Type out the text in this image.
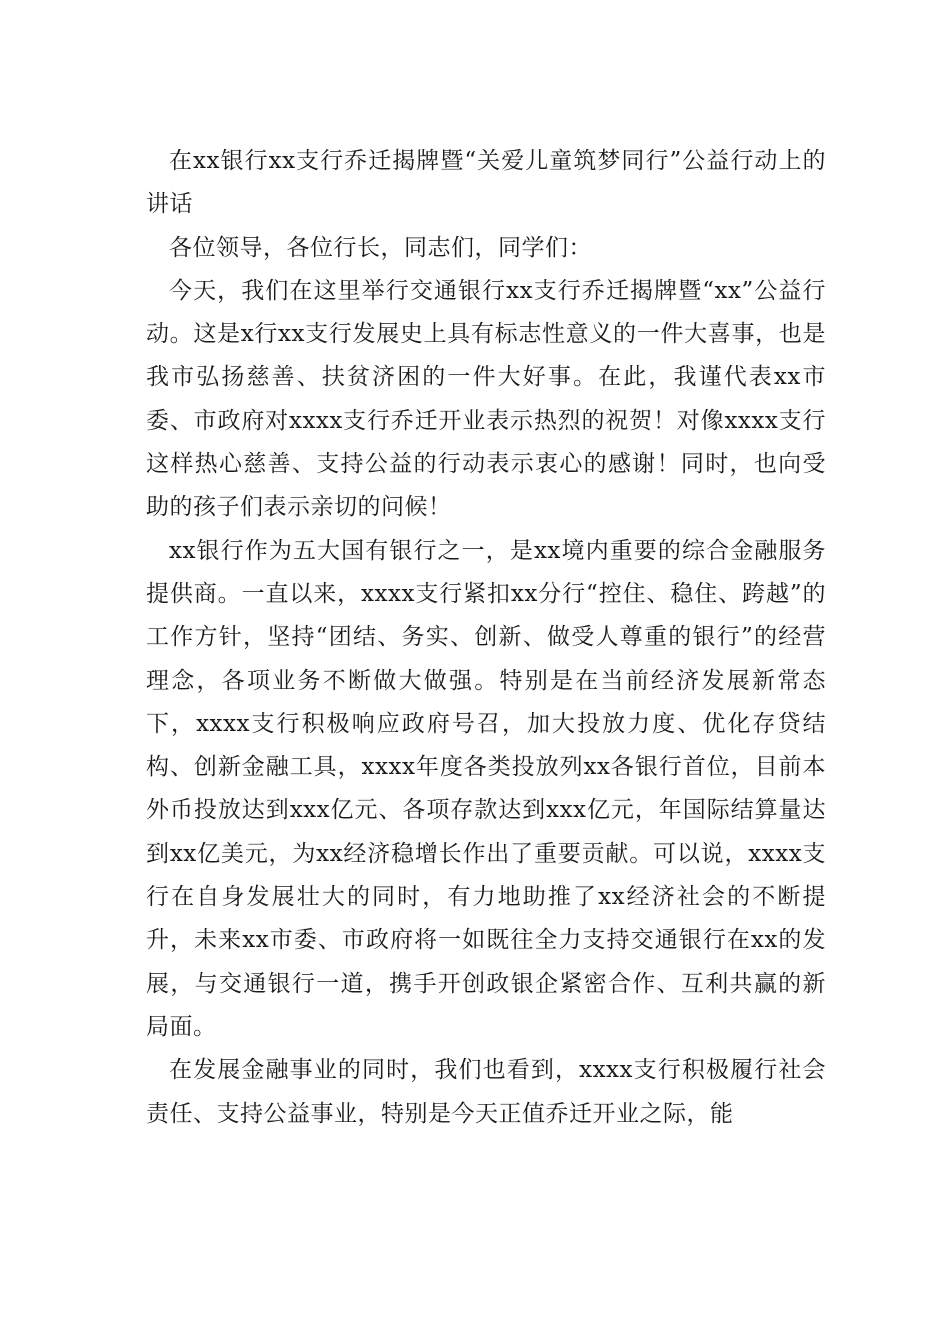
在xx银行xx支行乔迁揭牌暨“关爱儿童筑梦同行”公益行动上的讲话

各位领导，各位行长，同志们，同学们：

今天，我们在这里举行交通银行xx支行乔迁揭牌暨“xx”公益行动。这是x行xx支行发展史上具有标志性意义的一件大喜事，也是我市弘扬慈善、扶贫济困的一件大好事。在此，我谨代表xx市委、市政府对xxxx支行乔迁开业表示热烈的祝贺！对像xxxx支行这样热心慈善、支持公益的行动表示衷心的感谢！同时，也向受助的孩子们表示亲切的问候！

xx银行作为五大国有银行之一，是xx境内重要的综合金融服务提供商。一直以来，xxxx支行紧扣xx分行“控住、稳住、跨越”的工作方针，坚持“团结、务实、创新、做受人尊重的银行”的经营理念，各项业务不断做大做强。特别是在当前经济发展新常态下，xxxx支行积极响应政府号召，加大投放力度、优化存贷结构、创新金融工具，xxxx年度各类投放列xx各银行首位，目前本外币投放达到xxx亿元、各项存款达到xxx亿元，年国际结算量达到xx亿美元，为xx经济稳增长作出了重要贡献。可以说，xxxx支行在自身发展壮大的同时，有力地助推了xx经济社会的不断提升，未来xx市委、市政府将一如既往全力支持交通银行在xx的发展，与交通银行一道，携手开创政银企紧密合作、互利共赢的新局面。

在发展金融事业的同时，我们也看到，xxxx支行积极履行社会责任、支持公益事业，特别是今天正值乔迁开业之际，能
